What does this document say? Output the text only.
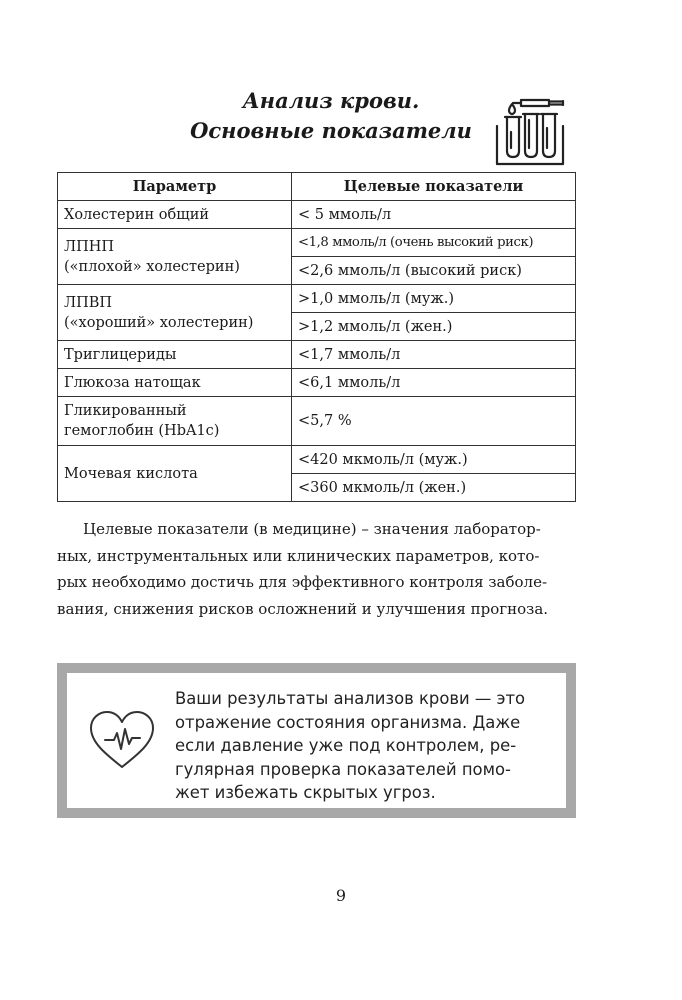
Анализ крови.
Основные показатели
Параметр	Целевые показатели
Холестерин общий	< 5 ммоль/л
ЛПНП
(«плохой» холестерин)	<1,8 ммоль/л (очень высокий риск)
	<2,6 ммоль/л (высокий риск)
ЛПВП
(«хороший» холестерин)	>1,0 ммоль/л (муж.)
	>1,2 ммоль/л (жен.)
Триглицериды	<1,7 ммоль/л
Глюкоза натощак	<6,1 ммоль/л
Гликированный
гемоглобин (HbA1c)	<5,7 %
Мочевая кислота	<420 мкмоль/л (муж.)
	<360 мкмоль/л (жен.)
Целевые показатели (в медицине) – значения лаборатор-
ных, инструментальных или клинических параметров, кото-
рых необходимо достичь для эффективного контроля заболе-
вания, снижения рисков осложнений и улучшения прогноза.
Ваши результаты анализов крови — это
отражение состояния организма. Даже
если давление уже под контролем, ре-
гулярная проверка показателей помо-
жет избежать скрытых угроз.
9
